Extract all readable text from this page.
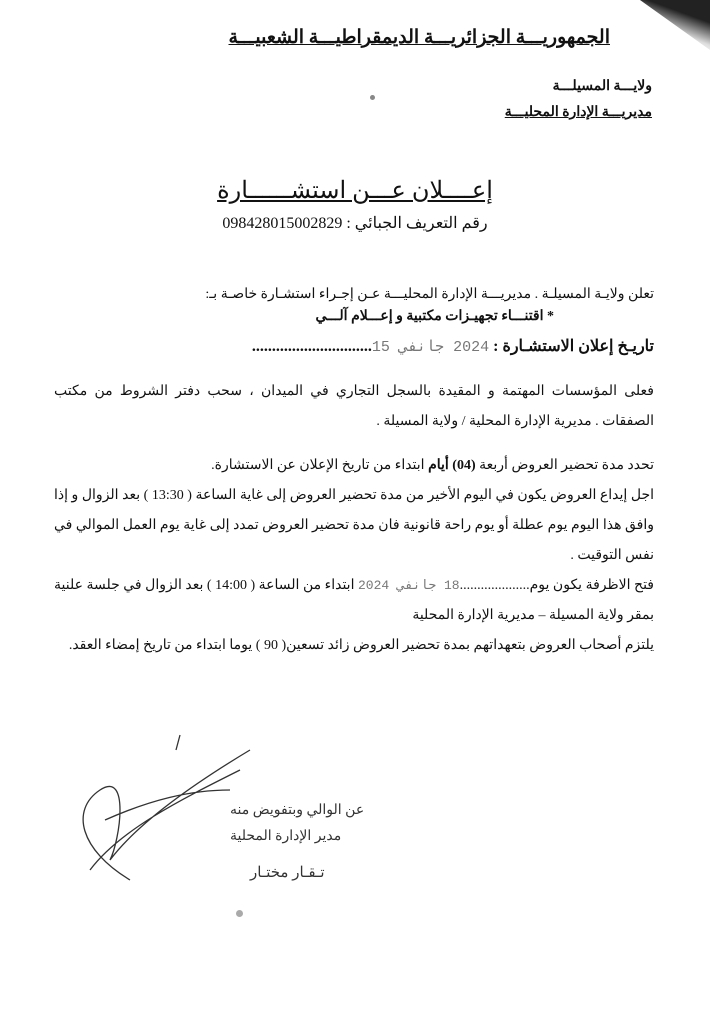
الجمهوريـــة الجزائريـــة الديمقراطيـــة الشعبيـــة
ولايـــة المسيلـــة
مديريـــة الإدارة المحليـــة
إعــــلان عـــن استشــــــارة
رقم التعريف الجبائي : 098428015002829

تعلن ولايـة المسيلـة . مديريـــة الإدارة المحليـــة عـن إجـراء استشـارة خاصـة بـ:

* اقتنـــاء تجهيـزات مكتبية و إعـــلام آلـــي

تاريـخ إعلان الاستشـارة : 2024 جانفي 15..............................

فعلى المؤسسات المهتمة و المقيدة بالسجل التجاري في الميدان ، سحب دفتر الشروط من مكتب الصفقات . مديرية الإدارة المحلية / ولاية المسيلة .

تحدد مدة تحضير العروض أربعة (04) أيام ابتداء من تاريخ الإعلان عن الاستشارة.

اجل إيداع العروض يكون في اليوم الأخير من مدة تحضير العروض إلى غاية الساعة ( 13:30 ) بعد الزوال و إذا وافق هذا اليوم يوم عطلة أو يوم راحة قانونية فان مدة تحضير العروض تمدد إلى غاية يوم العمل الموالي في نفس التوقيت .

فتح الاظرفة يكون يوم....................18 جانفي 2024 ابتداء من الساعة ( 14:00 ) بعد الزوال في جلسة علنية بمقر ولاية المسيلة – مديرية الإدارة المحلية

يلتزم أصحاب العروض بتعهداتهم بمدة تحضير العروض زائد تسعين( 90 ) يوما ابتداء من تاريخ إمضاء العقد.

عن الوالي وبتفويض منه
مدير الإدارة المحلية
تـقـار مختـار
